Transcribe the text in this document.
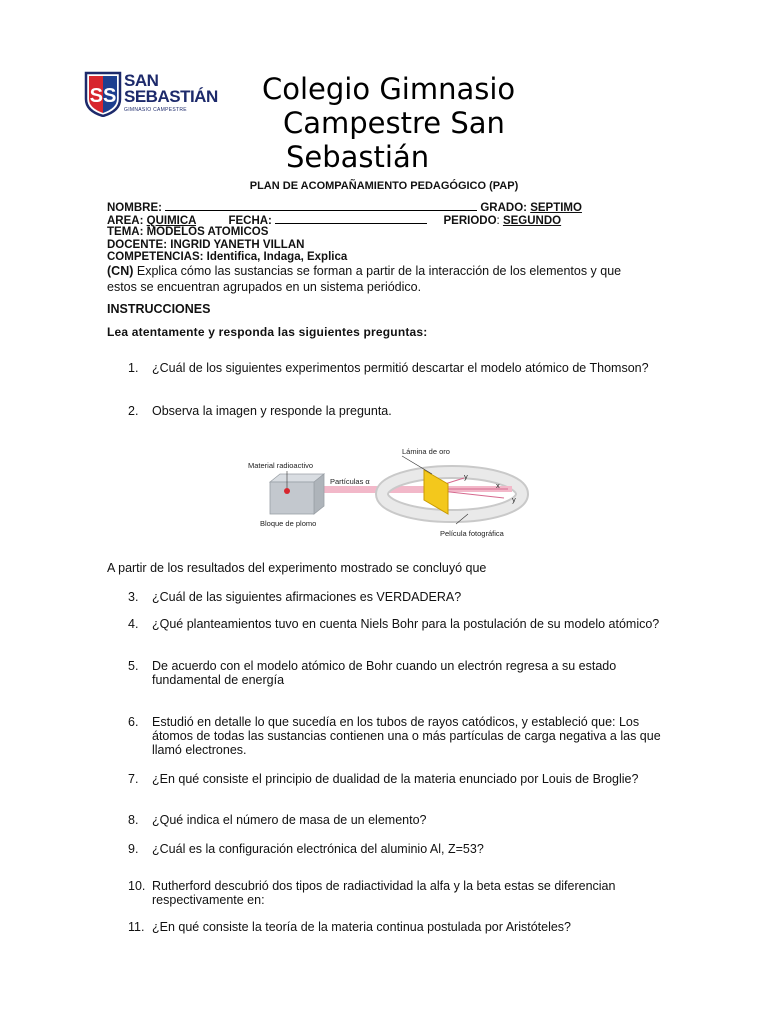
SS
SAN
SEBASTIÁN
GIMNASIO CAMPESTRE
Colegio Gimnasio
Campestre San
Sebastián
PLAN DE ACOMPAÑAMIENTO PEDAGÓGICO (PAP)
NOMBRE:	GRADO: SEPTIMO
AREA: QUIMICA	FECHA:	PERIODO: SEGUNDO
TEMA: MODELOS ATOMICOS
DOCENTE: INGRID YANETH VILLAN
COMPETENCIAS: Identifica, Indaga, Explica
(CN) Explica cómo las sustancias se forman a partir de la interacción de los elementos y que estos se encuentran agrupados en un sistema periódico.
INSTRUCCIONES
Lea atentamente y responda las siguientes preguntas:
1. ¿Cuál de los siguientes experimentos permitió descartar el modelo atómico de Thomson?
2. Observa la imagen y responde la pregunta.
Material radioactivo
Partículas α
Bloque de plomo
Lámina de oro
Película fotográfica
x
y
y
A partir de los resultados del experimento mostrado se concluyó que
3. ¿Cuál de las siguientes afirmaciones es VERDADERA?
4. ¿Qué planteamientos tuvo en cuenta Niels Bohr para la postulación de su modelo atómico?
5. De acuerdo con el modelo atómico de Bohr cuando un electrón regresa a su estado fundamental de energía
6. Estudió en detalle lo que sucedía en los tubos de rayos catódicos, y estableció que: Los átomos de todas las sustancias contienen una o más partículas de carga negativa a las que llamó electrones.
7. ¿En qué consiste el principio de dualidad de la materia enunciado por Louis de Broglie?
8. ¿Qué indica el número de masa de un elemento?
9. ¿Cuál es la configuración electrónica del aluminio Al, Z=53?
10. Rutherford descubrió dos tipos de radiactividad la alfa y la beta estas se diferencian respectivamente en:
11. ¿En qué consiste la teoría de la materia continua postulada por Aristóteles?
